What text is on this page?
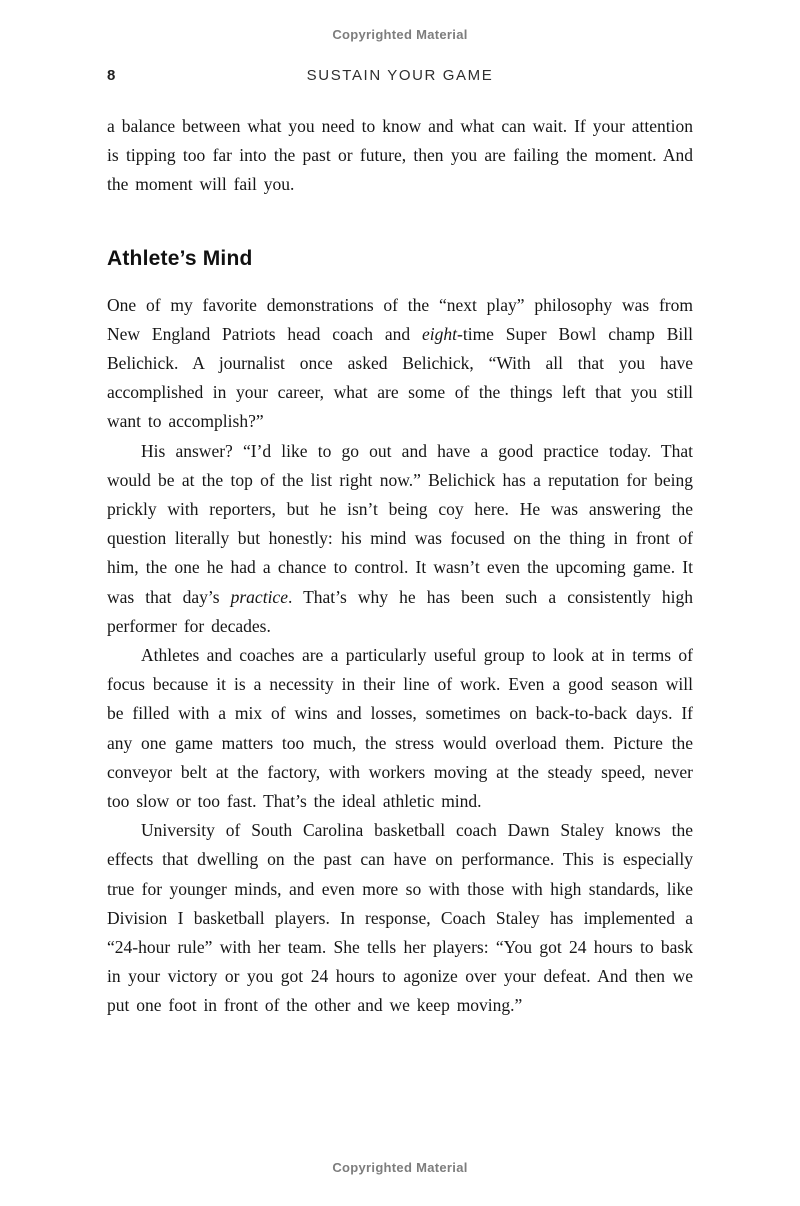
Copyrighted Material
8	SUSTAIN YOUR GAME

a balance between what you need to know and what can wait. If your attention is tipping too far into the past or future, then you are failing the moment. And the moment will fail you.

Athlete’s Mind

One of my favorite demonstrations of the “next play” philosophy was from New England Patriots head coach and eight-time Super Bowl champ Bill Belichick. A journalist once asked Belichick, “With all that you have accomplished in your career, what are some of the things left that you still want to accomplish?”

His answer? “I’d like to go out and have a good practice today. That would be at the top of the list right now.” Belichick has a reputation for being prickly with reporters, but he isn’t being coy here. He was answering the question literally but honestly: his mind was focused on the thing in front of him, the one he had a chance to control. It wasn’t even the upcoming game. It was that day’s practice. That’s why he has been such a consistently high performer for decades.

Athletes and coaches are a particularly useful group to look at in terms of focus because it is a necessity in their line of work. Even a good season will be filled with a mix of wins and losses, sometimes on back-to-back days. If any one game matters too much, the stress would overload them. Picture the conveyor belt at the factory, with workers moving at the steady speed, never too slow or too fast. That’s the ideal athletic mind.

University of South Carolina basketball coach Dawn Staley knows the effects that dwelling on the past can have on performance. This is especially true for younger minds, and even more so with those with high standards, like Division I basketball players. In response, Coach Staley has implemented a “24-hour rule” with her team. She tells her players: “You got 24 hours to bask in your victory or you got 24 hours to agonize over your defeat. And then we put one foot in front of the other and we keep moving.”

Copyrighted Material
